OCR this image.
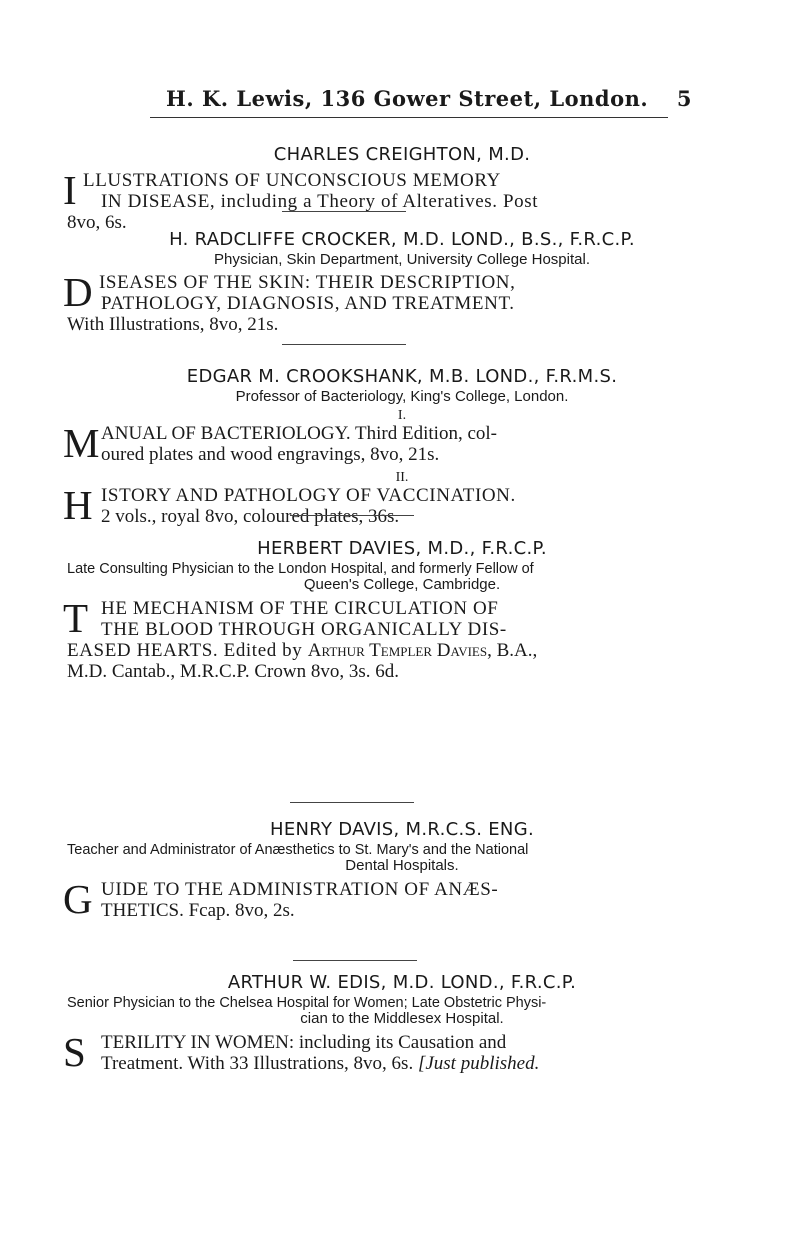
H. K. Lewis, 136 Gower Street, London. 5

CHARLES CREIGHTON, M.D.

I LLUSTRATIONS OF UNCONSCIOUS MEMORY

IN DISEASE, including a Theory of Alteratives. Post

8vo, 6s.

H. RADCLIFFE CROCKER, M.D. LOND., B.S., F.R.C.P.

Physician, Skin Department, University College Hospital.

D ISEASES OF THE SKIN: THEIR DESCRIPTION,

PATHOLOGY, DIAGNOSIS, AND TREATMENT.

With Illustrations, 8vo, 21s.

EDGAR M. CROOKSHANK, M.B. LOND., F.R.M.S.

Professor of Bacteriology, King's College, London.

I.

M ANUAL OF BACTERIOLOGY. Third Edition, col-

oured plates and wood engravings, 8vo, 21s.

II.

H ISTORY AND PATHOLOGY OF VACCINATION.

2 vols., royal 8vo, coloured plates, 36s.

HERBERT DAVIES, M.D., F.R.C.P.

Late Consulting Physician to the London Hospital, and formerly Fellow of

Queen's College, Cambridge.

T HE MECHANISM OF THE CIRCULATION OF

THE BLOOD THROUGH ORGANICALLY DIS-

EASED HEARTS. Edited by Arthur Templer Davies, B.A.,

M.D. Cantab., M.R.C.P. Crown 8vo, 3s. 6d.

HENRY DAVIS, M.R.C.S. ENG.

Teacher and Administrator of Anæsthetics to St. Mary's and the National

Dental Hospitals.

G UIDE TO THE ADMINISTRATION OF ANÆS-

THETICS. Fcap. 8vo, 2s.

ARTHUR W. EDIS, M.D. LOND., F.R.C.P.

Senior Physician to the Chelsea Hospital for Women; Late Obstetric Physi-

cian to the Middlesex Hospital.

S TERILITY IN WOMEN: including its Causation and

Treatment. With 33 Illustrations, 8vo, 6s. [Just published.
